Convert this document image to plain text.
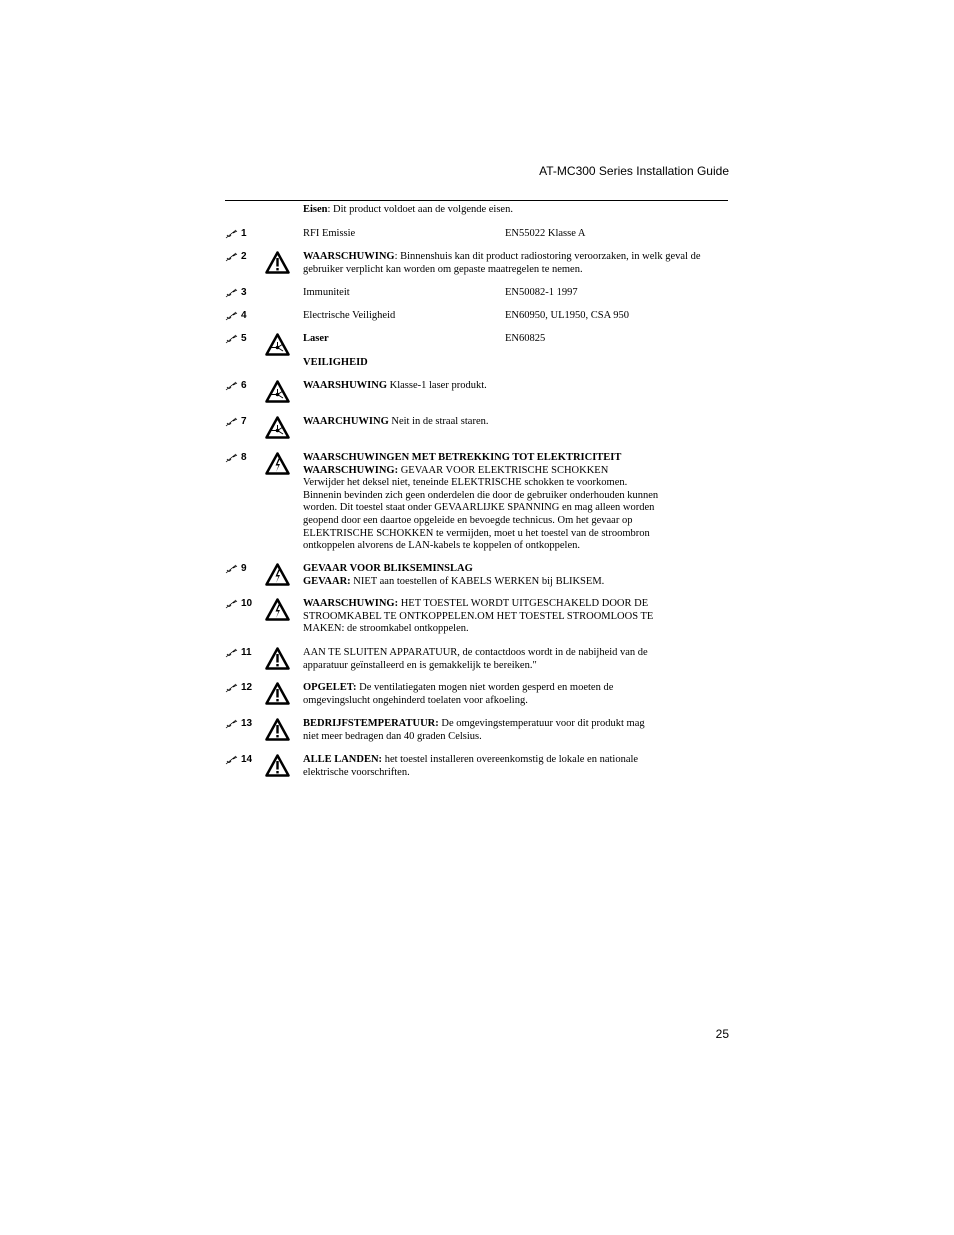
AT-MC300 Series Installation Guide
Eisen: Dit product voldoet aan de volgende eisen.
1	RFI Emissie	EN55022 Klasse A
2	WAARSCHUWING: Binnenshuis kan dit product radiostoring veroorzaken, in welk geval de gebruiker verplicht kan worden om gepaste maatregelen te nemen.
3	Immuniteit	EN50082-1 1997
4	Electrische Veiligheid	EN60950, UL1950, CSA 950
5	Laser	EN60825
VEILIGHEID
6	WAARSHUWING Klasse-1 laser produkt.
7	WAARCHUWING Neit in de straal staren.
8	WAARSCHUWINGEN MET BETREKKING TOT ELEKTRICITEIT
WAARSCHUWING: GEVAAR VOOR ELEKTRISCHE SCHOKKEN
Verwijder het deksel niet, teneinde ELEKTRISCHE schokken te voorkomen.
Binnenin bevinden zich geen onderdelen die door de gebruiker onderhouden kunnen
worden. Dit toestel staat onder GEVAARLIJKE SPANNING en mag alleen worden
geopend door een daartoe opgeleide en bevoegde technicus. Om het gevaar op
ELEKTRISCHE SCHOKKEN te vermijden, moet u het toestel van de stroombron
ontkoppelen alvorens de LAN-kabels te koppelen of ontkoppelen.
9	GEVAAR VOOR BLIKSEMINSLAG
GEVAAR: NIET aan toestellen of KABELS WERKEN bij BLIKSEM.
10	WAARSCHUWING: HET TOESTEL WORDT UITGESCHAKELD DOOR DE
STROOMKABEL TE ONTKOPPELEN.OM HET TOESTEL STROOMLOOS TE
MAKEN: de stroomkabel ontkoppelen.
11	AAN TE SLUITEN APPARATUUR, de contactdoos wordt in de nabijheid van de
apparatuur geïnstalleerd en is gemakkelijk te bereiken."
12	OPGELET: De ventilatiegaten mogen niet worden gesperd en moeten de
omgevingslucht ongehinderd toelaten voor afkoeling.
13	BEDRIJFSTEMPERATUUR: De omgevingstemperatuur voor dit produkt mag
niet meer bedragen dan 40 graden Celsius.
14	ALLE LANDEN: het toestel installeren overeenkomstig de lokale en nationale
elektrische voorschriften.
25
